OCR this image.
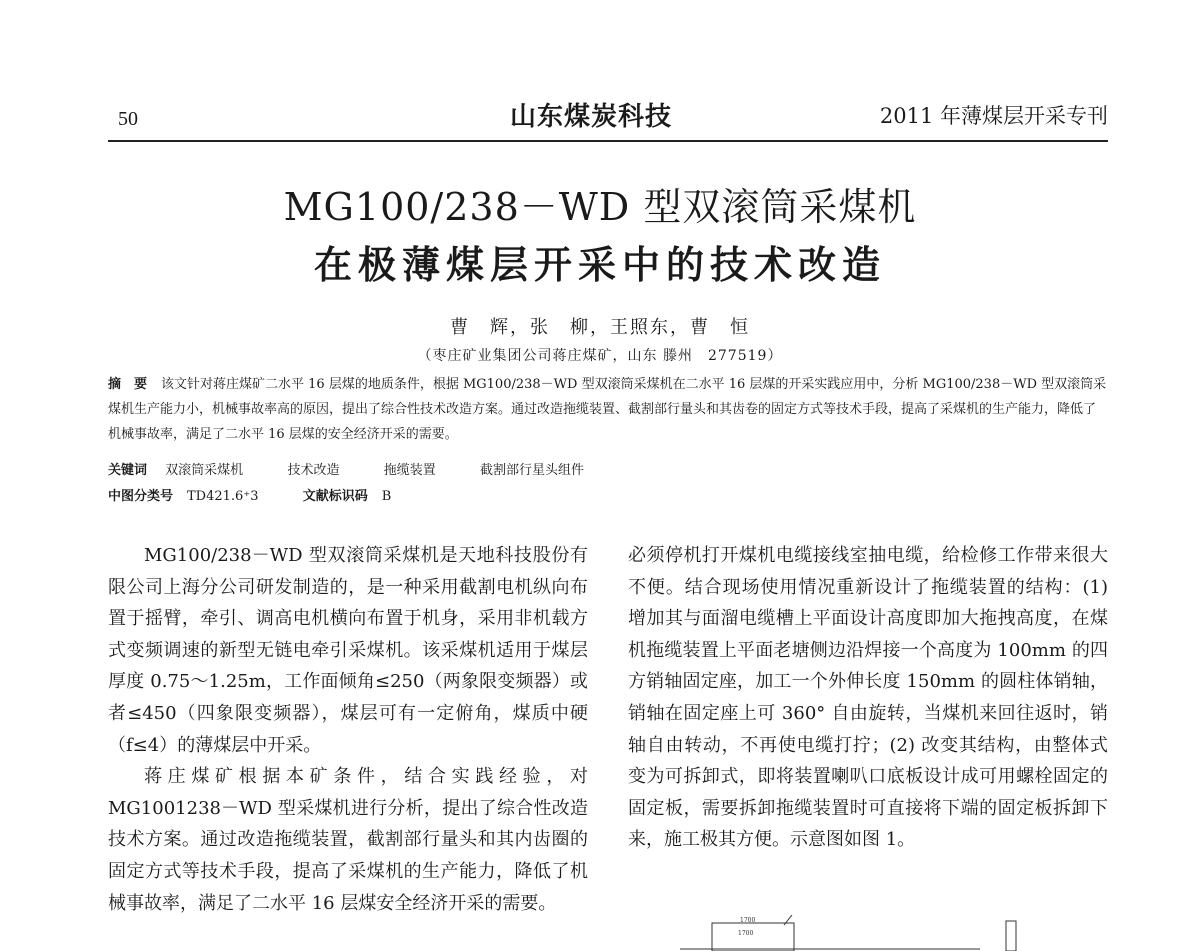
50	山东煤炭科技	2011 年薄煤层开采专刊
MG100/238－WD 型双滚筒采煤机
在极薄煤层开采中的技术改造
曹　辉，张　柳，王照东，曹　恒
（枣庄矿业集团公司蒋庄煤矿，山东 滕州　277519）
摘　要 该文针对蒋庄煤矿二水平 16 层煤的地质条件，根据 MG100/238－WD 型双滚筒采煤机在二水平 16 层煤的开采实践应用中，分析 MG100/238－WD 型双滚筒采煤机生产能力小，机械事故率高的原因，提出了综合性技术改造方案。通过改造拖缆装置、截割部行量头和其齿卷的固定方式等技术手段，提高了采煤机的生产能力，降低了机械事故率，满足了二水平 16 层煤的安全经济开采的需要。
关键词 双滚筒采煤机	技术改造	拖缆装置	截割部行星头组件
中图分类号 TD421.6⁺3	文献标识码 B

MG100/238－WD 型双滚筒采煤机是天地科技股份有限公司上海分公司研发制造的，是一种采用截割电机纵向布置于摇臂，牵引、调高电机横向布置于机身，采用非机载方式变频调速的新型无链电牵引采煤机。该采煤机适用于煤层厚度 0.75～1.25m，工作面倾角≤250（两象限变频器）或者≤450（四象限变频器），煤层可有一定俯角，煤质中硬（f≤4）的薄煤层中开采。

蒋庄煤矿根据本矿条件，结合实践经验，对 MG1001238－WD 型采煤机进行分析，提出了综合性改造技术方案。通过改造拖缆装置，截割部行量头和其内齿圈的固定方式等技术手段，提高了采煤机的生产能力，降低了机械事故率，满足了二水平 16 层煤安全经济开采的需要。

必须停机打开煤机电缆接线室抽电缆，给检修工作带来很大不便。结合现场使用情况重新设计了拖缆装置的结构：(1) 增加其与面溜电缆槽上平面设计高度即加大拖拽高度，在煤机拖缆装置上平面老塘侧边沿焊接一个高度为 100mm 的四方销轴固定座，加工一个外伸长度 150mm 的圆柱体销轴，销轴在固定座上可 360° 自由旋转，当煤机来回往返时，销轴自由转动，不再使电缆打拧；(2) 改变其结构，由整体式变为可拆卸式，即将装置喇叭口底板设计成可用螺栓固定的固定板，需要拆卸拖缆装置时可直接将下端的固定板拆卸下来，施工极其方便。示意图如图 1。

1700
1700
